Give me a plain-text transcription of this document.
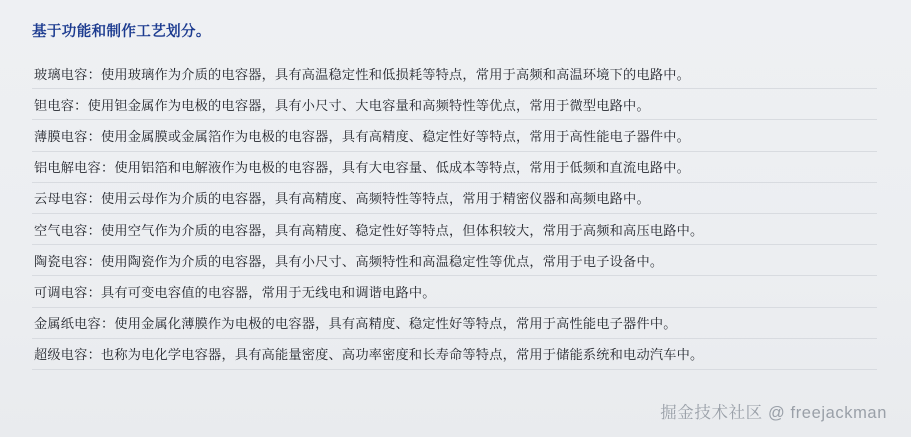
基于功能和制作工艺划分。
玻璃电容 ： 使用玻璃作为介质的电容器，具有高温稳定性和低损耗等特点，常用于高频和高温环境下的电路中。
钽电容 ： 使用钽金属作为电极的电容器，具有小尺寸、大电容量和高频特性等优点，常用于微型电路中。
薄膜电容 ： 使用金属膜或金属箔作为电极的电容器，具有高精度、稳定性好等特点，常用于高性能电子器件中。
铝电解电容 ： 使用铝箔和电解液作为电极的电容器，具有大电容量、低成本等特点，常用于低频和直流电路中。
云母电容 ： 使用云母作为介质的电容器，具有高精度、高频特性等特点，常用于精密仪器和高频电路中。
空气电容 ： 使用空气作为介质的电容器，具有高精度、稳定性好等特点，但体积较大，常用于高频和高压电路中。
陶瓷电容 ： 使用陶瓷作为介质的电容器，具有小尺寸、高频特性和高温稳定性等优点，常用于电子设备中。
可调电容 ： 具有可变电容值的电容器，常用于无线电和调谐电路中。
金属纸电容 ： 使用金属化薄膜作为电极的电容器，具有高精度、稳定性好等特点，常用于高性能电子器件中。
超级电容 ： 也称为电化学电容器，具有高能量密度、高功率密度和长寿命等特点，常用于储能系统和电动汽车中。
掘金技术社区 @ freejackman
